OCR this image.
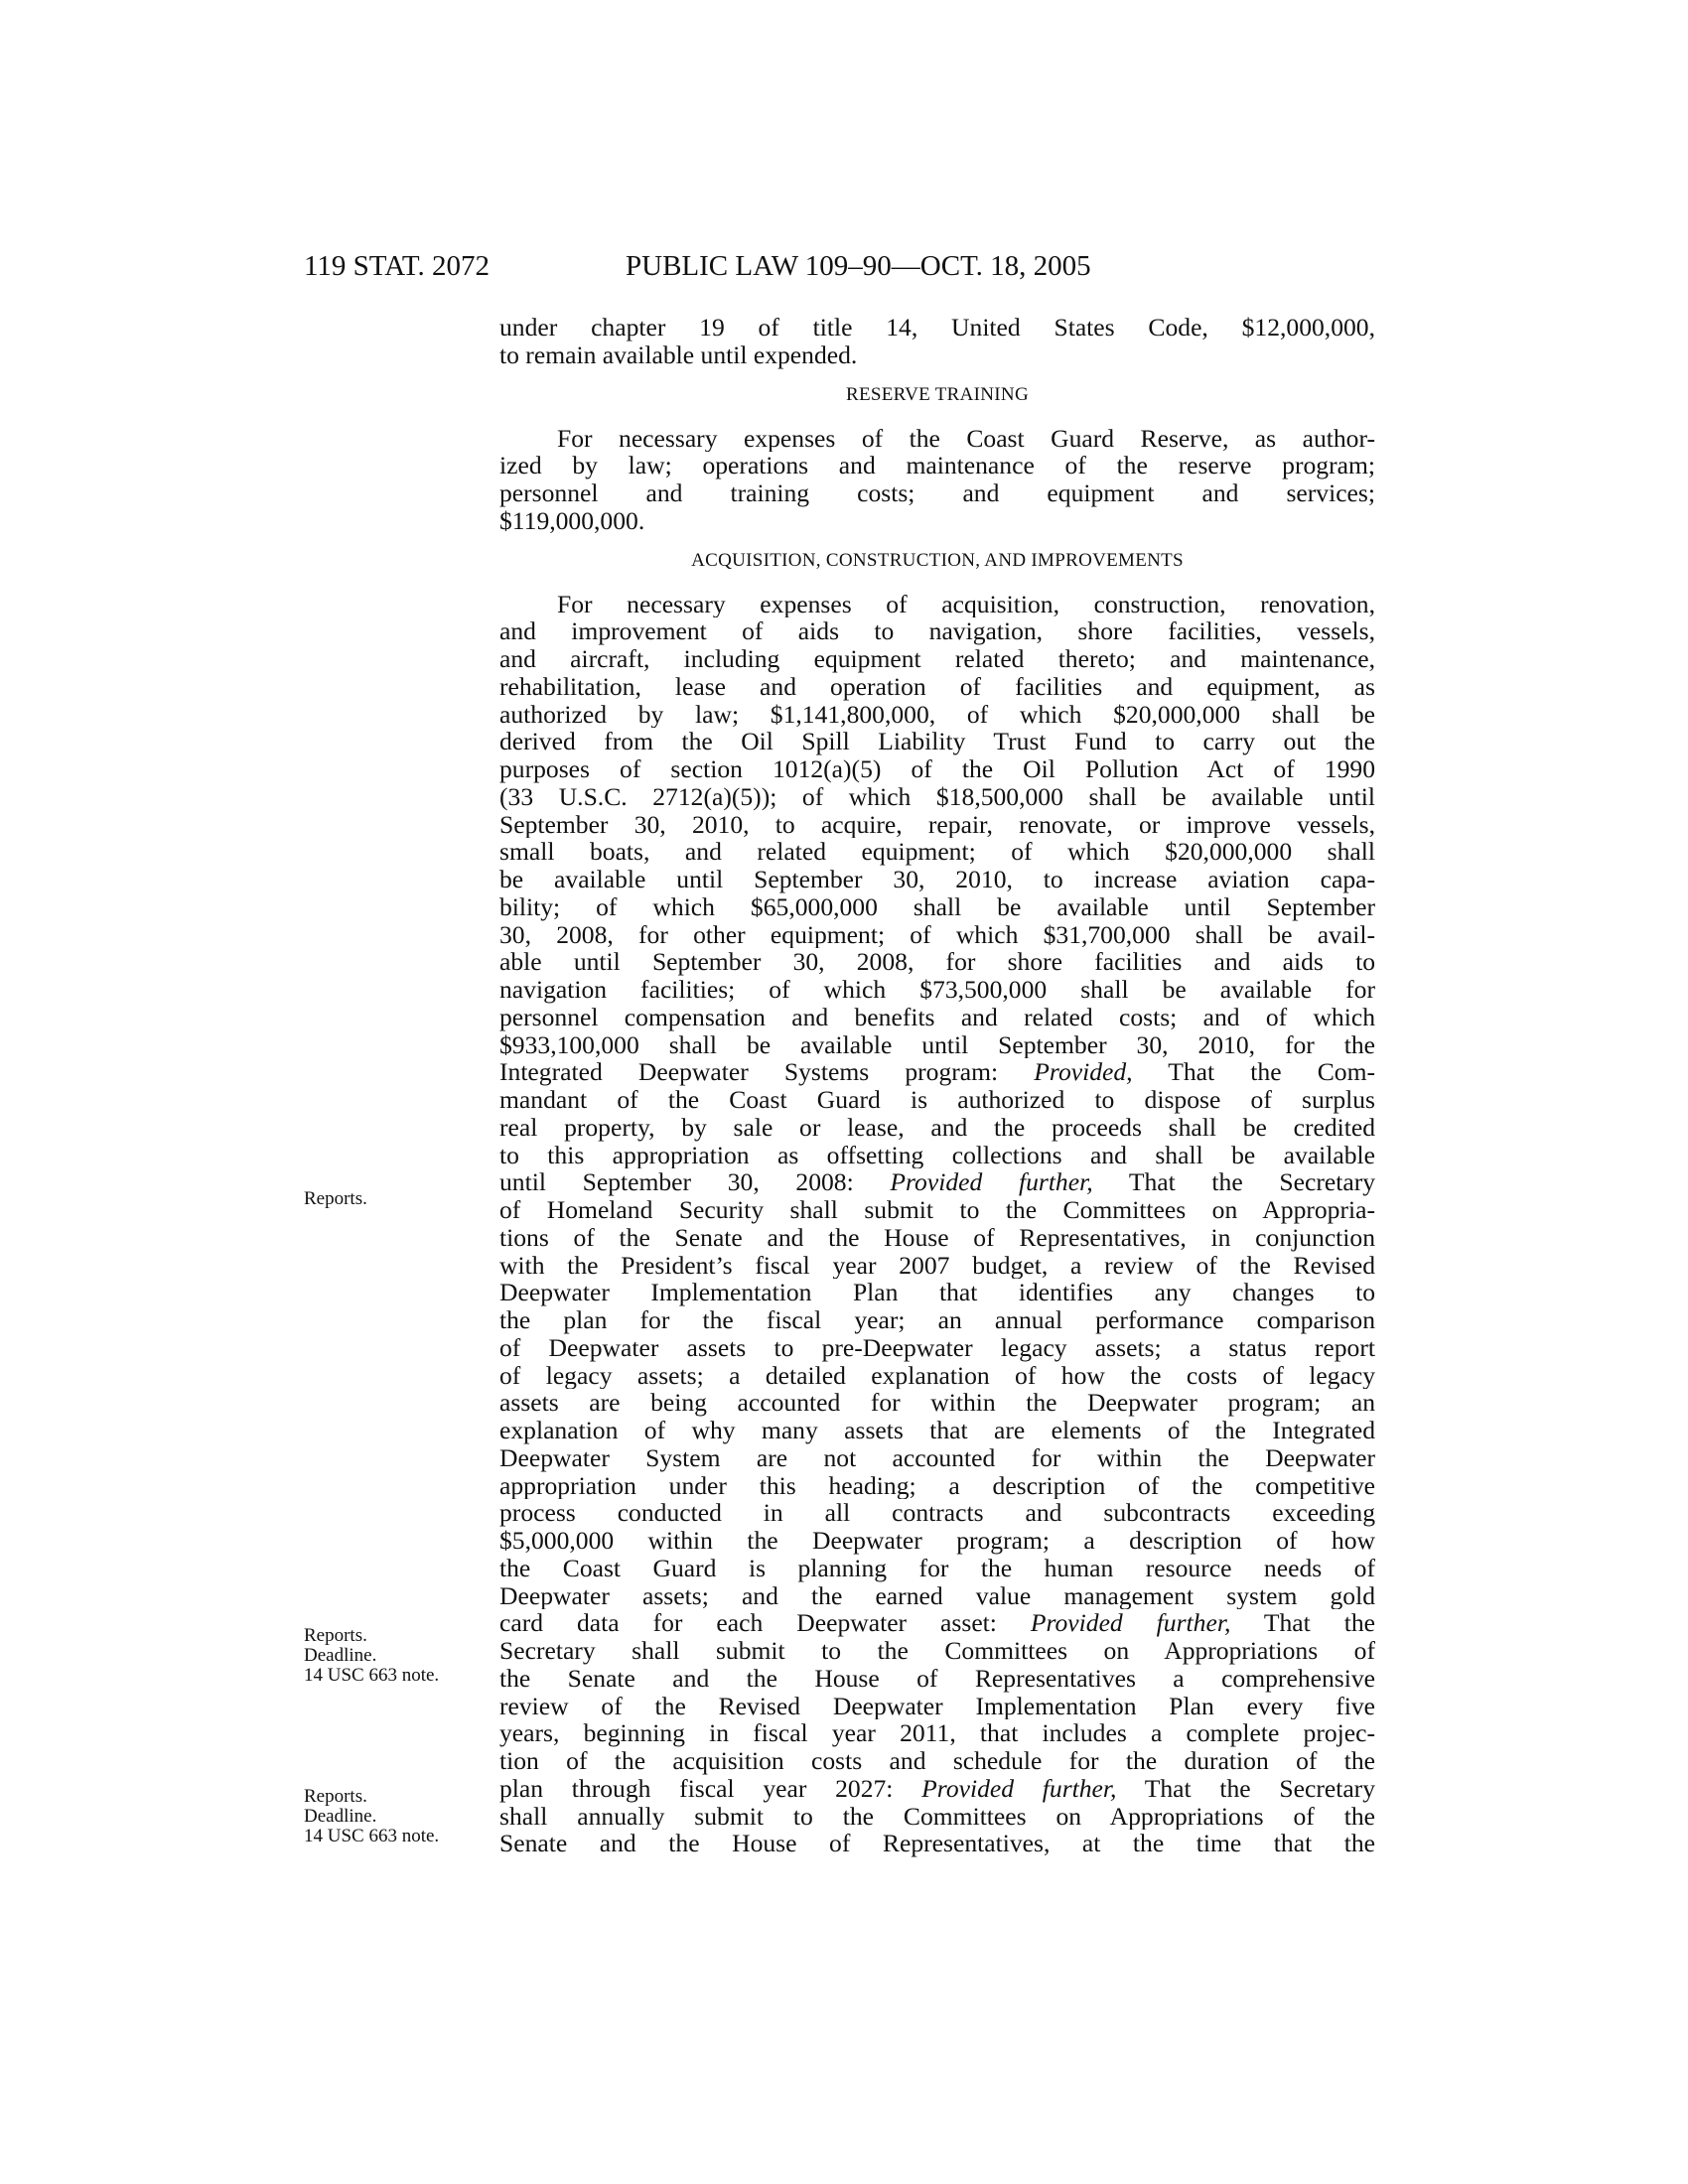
119 STAT. 2072	PUBLIC LAW 109–90—OCT. 18, 2005
under chapter 19 of title 14, United States Code, $12,000,000,
to remain available until expended.
RESERVE TRAINING
For necessary expenses of the Coast Guard Reserve, as author-
ized by law; operations and maintenance of the reserve program;
personnel and training costs; and equipment and services;
$119,000,000.
ACQUISITION, CONSTRUCTION, AND IMPROVEMENTS
For necessary expenses of acquisition, construction, renovation,
and improvement of aids to navigation, shore facilities, vessels,
and aircraft, including equipment related thereto; and maintenance,
rehabilitation, lease and operation of facilities and equipment, as
authorized by law; $1,141,800,000, of which $20,000,000 shall be
derived from the Oil Spill Liability Trust Fund to carry out the
purposes of section 1012(a)(5) of the Oil Pollution Act of 1990
(33 U.S.C. 2712(a)(5)); of which $18,500,000 shall be available until
September 30, 2010, to acquire, repair, renovate, or improve vessels,
small boats, and related equipment; of which $20,000,000 shall
be available until September 30, 2010, to increase aviation capa-
bility; of which $65,000,000 shall be available until September
30, 2008, for other equipment; of which $31,700,000 shall be avail-
able until September 30, 2008, for shore facilities and aids to
navigation facilities; of which $73,500,000 shall be available for
personnel compensation and benefits and related costs; and of which
$933,100,000 shall be available until September 30, 2010, for the
Integrated Deepwater Systems program: Provided, That the Com-
mandant of the Coast Guard is authorized to dispose of surplus
real property, by sale or lease, and the proceeds shall be credited
to this appropriation as offsetting collections and shall be available
until September 30, 2008: Provided further, That the Secretary
of Homeland Security shall submit to the Committees on Appropria-
tions of the Senate and the House of Representatives, in conjunction
with the President’s fiscal year 2007 budget, a review of the Revised
Deepwater Implementation Plan that identifies any changes to
the plan for the fiscal year; an annual performance comparison
of Deepwater assets to pre-Deepwater legacy assets; a status report
of legacy assets; a detailed explanation of how the costs of legacy
assets are being accounted for within the Deepwater program; an
explanation of why many assets that are elements of the Integrated
Deepwater System are not accounted for within the Deepwater
appropriation under this heading; a description of the competitive
process conducted in all contracts and subcontracts exceeding
$5,000,000 within the Deepwater program; a description of how
the Coast Guard is planning for the human resource needs of
Deepwater assets; and the earned value management system gold
card data for each Deepwater asset: Provided further, That the
Secretary shall submit to the Committees on Appropriations of
the Senate and the House of Representatives a comprehensive
review of the Revised Deepwater Implementation Plan every five
years, beginning in fiscal year 2011, that includes a complete projec-
tion of the acquisition costs and schedule for the duration of the
plan through fiscal year 2027: Provided further, That the Secretary
shall annually submit to the Committees on Appropriations of the
Senate and the House of Representatives, at the time that the
Reports.
Reports.
Deadline.
14 USC 663 note.
Reports.
Deadline.
14 USC 663 note.
